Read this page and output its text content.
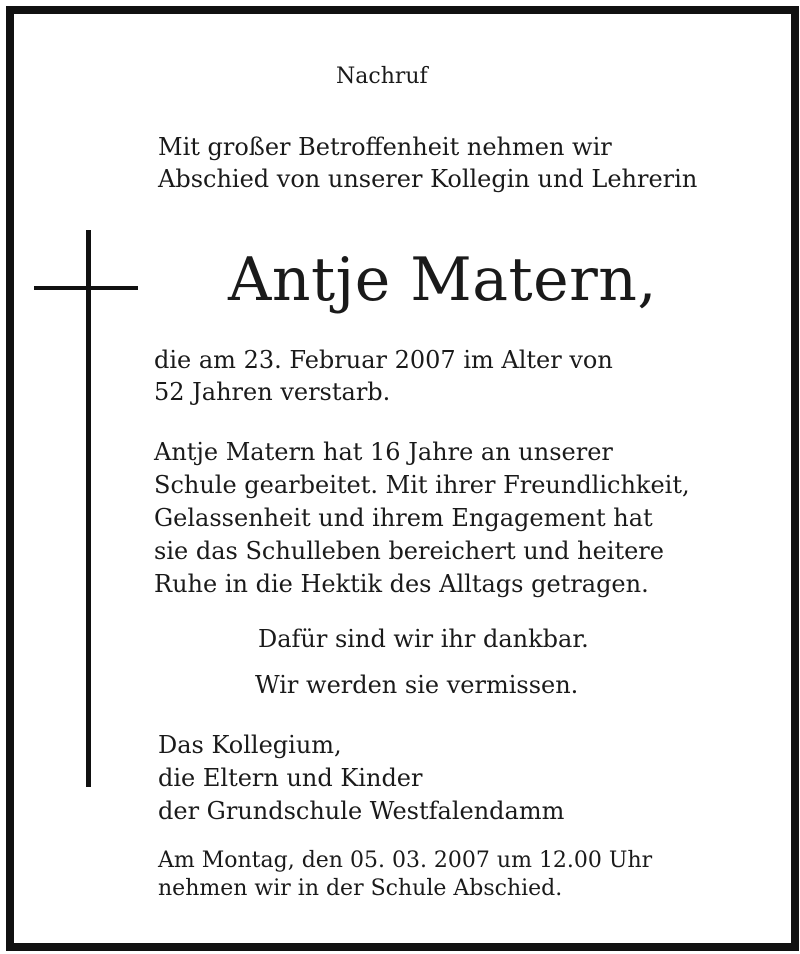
Nachruf

Mit großer Betroffenheit nehmen wir
Abschied von unserer Kollegin und Lehrerin

Antje Matern,

die am 23. Februar 2007 im Alter von
52 Jahren verstarb.
Antje Matern hat 16 Jahre an unserer
Schule gearbeitet. Mit ihrer Freundlichkeit,
Gelassenheit und ihrem Engagement hat
sie das Schulleben bereichert und heitere
Ruhe in die Hektik des Alltags getragen.

Dafür sind wir ihr dankbar.

Wir werden sie vermissen.

Das Kollegium,
die Eltern und Kinder
der Grundschule Westfalendamm
Am Montag, den 05. 03. 2007 um 12.00 Uhr
nehmen wir in der Schule Abschied.
